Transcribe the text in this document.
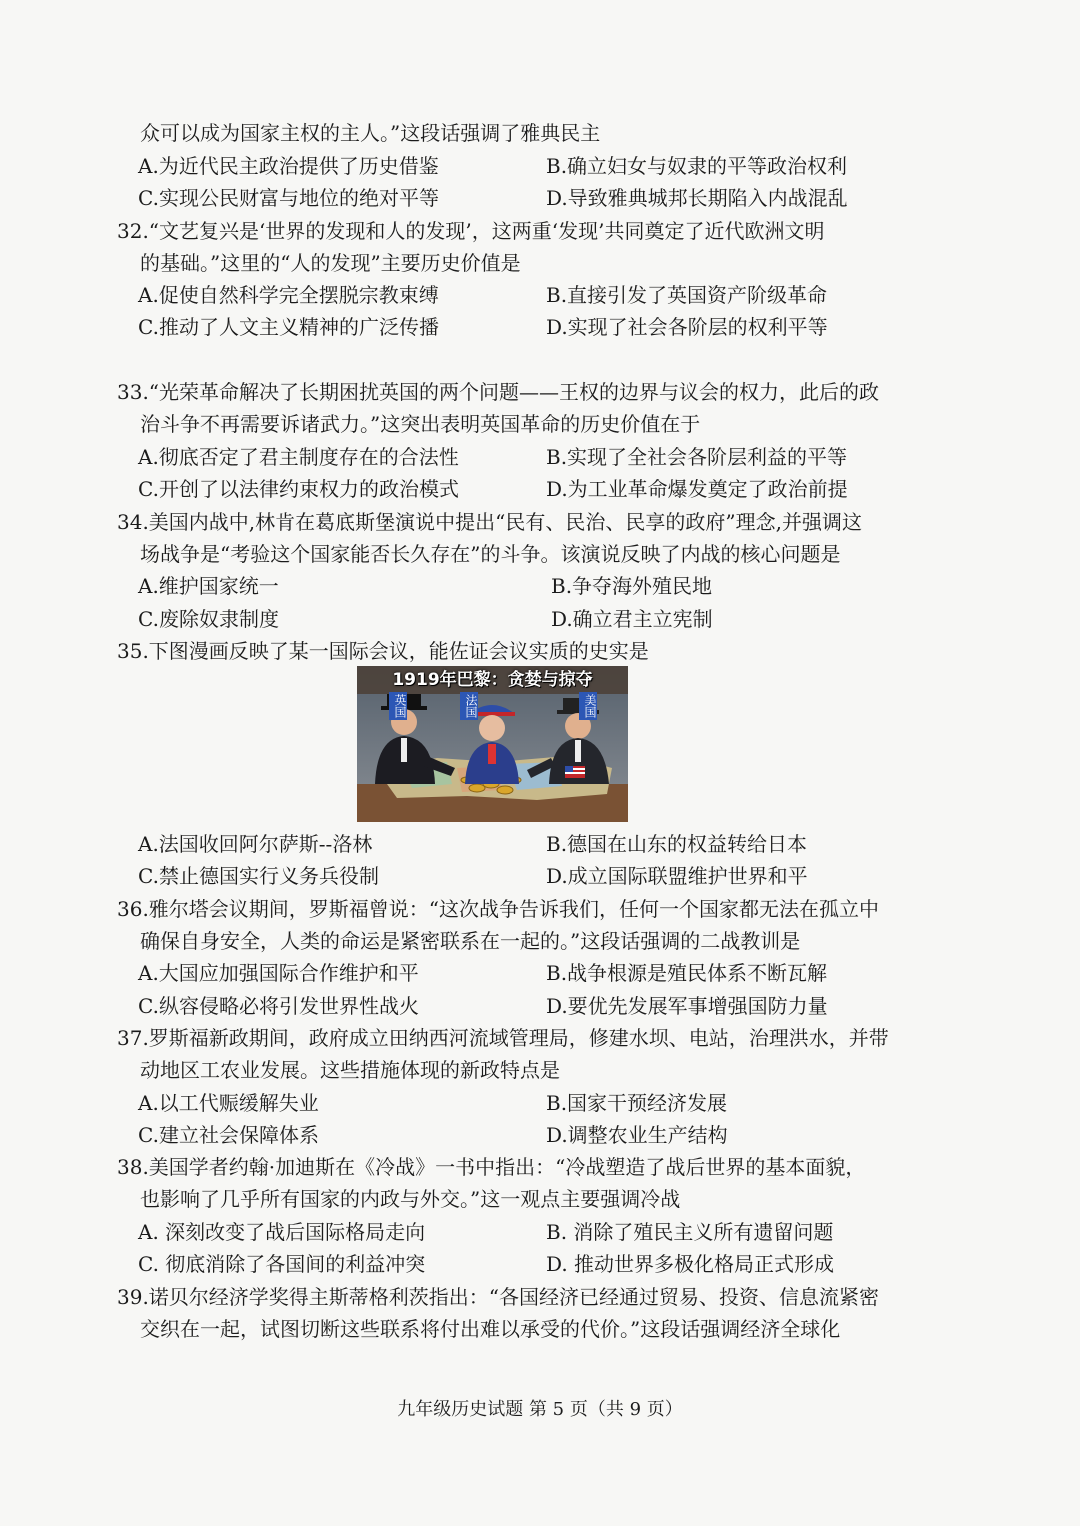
众可以成为国家主权的主人。”这段话强调了雅典民主
A.为近代民主政治提供了历史借鉴	B.确立妇女与奴隶的平等政治权利
C.实现公民财富与地位的绝对平等	D.导致雅典城邦长期陷入内战混乱
32.“文艺复兴是‘世界的发现和人的发现’，这两重‘发现’共同奠定了近代欧洲文明
的基础。”这里的“人的发现”主要历史价值是
A.促使自然科学完全摆脱宗教束缚	B.直接引发了英国资产阶级革命
C.推动了人文主义精神的广泛传播	D.实现了社会各阶层的权利平等
33.“光荣革命解决了长期困扰英国的两个问题——王权的边界与议会的权力，此后的政
治斗争不再需要诉诸武力。”这突出表明英国革命的历史价值在于
A.彻底否定了君主制度存在的合法性	B.实现了全社会各阶层利益的平等
C.开创了以法律约束权力的政治模式	D.为工业革命爆发奠定了政治前提
34.美国内战中,林肯在葛底斯堡演说中提出“民有、民治、民享的政府”理念,并强调这
场战争是“考验这个国家能否长久存在”的斗争。该演说反映了内战的核心问题是
A.维护国家统一	B.争夺海外殖民地
C.废除奴隶制度	D.确立君主立宪制
35.下图漫画反映了某一国际会议，能佐证会议实质的史实是
1919年巴黎：贪婪与掠夺
英国	法国	美国
A.法国收回阿尔萨斯--洛林	B.德国在山东的权益转给日本
C.禁止德国实行义务兵役制	D.成立国际联盟维护世界和平
36.雅尔塔会议期间，罗斯福曾说：“这次战争告诉我们，任何一个国家都无法在孤立中
确保自身安全，人类的命运是紧密联系在一起的。”这段话强调的二战教训是
A.大国应加强国际合作维护和平	B.战争根源是殖民体系不断瓦解
C.纵容侵略必将引发世界性战火	D.要优先发展军事增强国防力量
37.罗斯福新政期间，政府成立田纳西河流域管理局，修建水坝、电站，治理洪水，并带
动地区工农业发展。这些措施体现的新政特点是
A.以工代赈缓解失业	B.国家干预经济发展
C.建立社会保障体系	D.调整农业生产结构
38.美国学者约翰·加迪斯在《冷战》一书中指出：“冷战塑造了战后世界的基本面貌，
也影响了几乎所有国家的内政与外交。”这一观点主要强调冷战
A. 深刻改变了战后国际格局走向	B. 消除了殖民主义所有遗留问题
C. 彻底消除了各国间的利益冲突	D. 推动世界多极化格局正式形成
39.诺贝尔经济学奖得主斯蒂格利茨指出：“各国经济已经通过贸易、投资、信息流紧密
交织在一起，试图切断这些联系将付出难以承受的代价。”这段话强调经济全球化
九年级历史试题 第 5 页（共 9 页）
